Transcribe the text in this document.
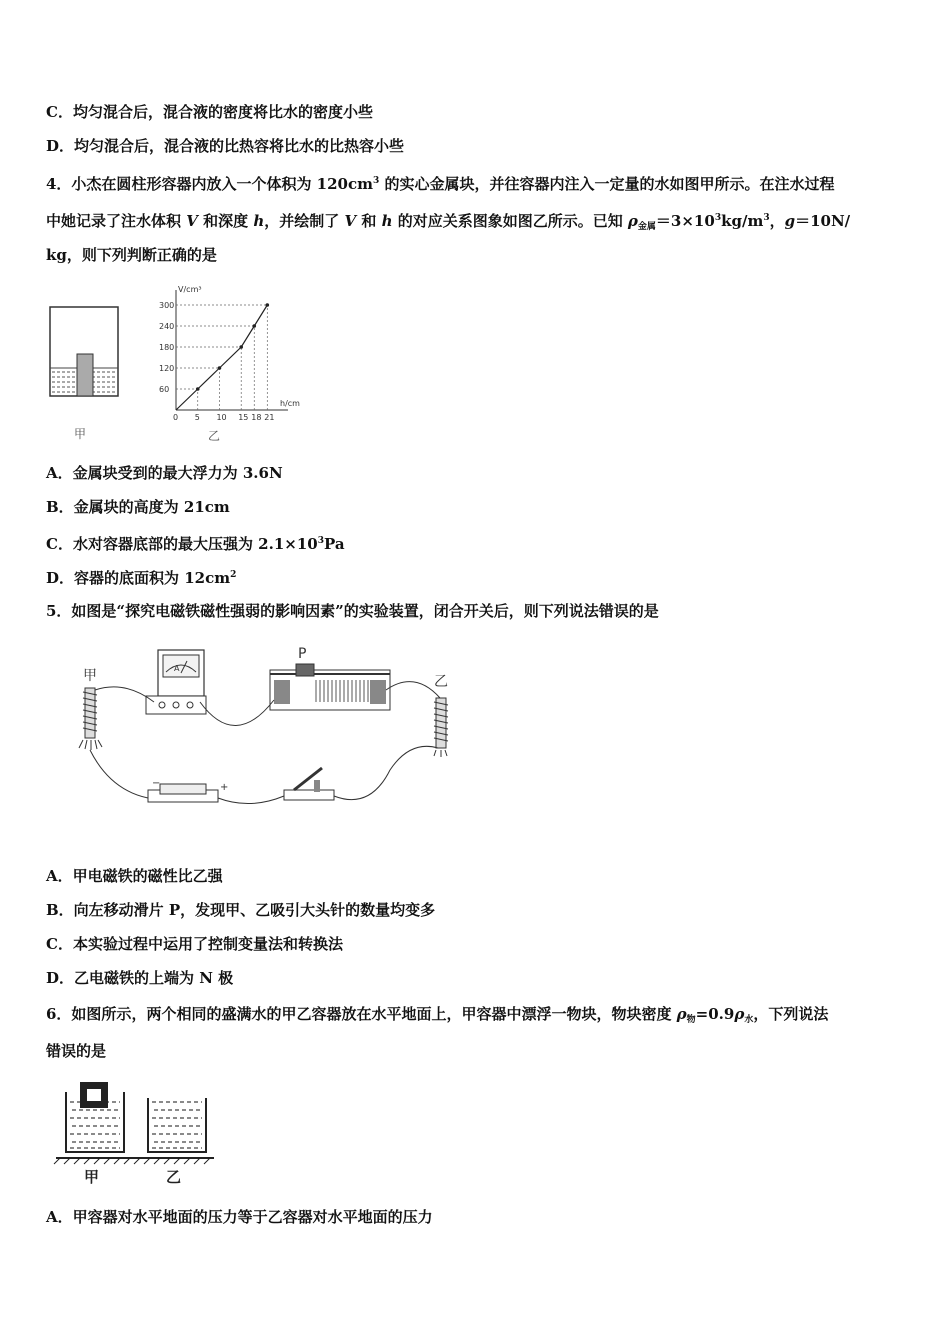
C．均匀混合后，混合液的密度将比水的密度小些
D．均匀混合后，混合液的比热容将比水的比热容小些
4．小杰在圆柱形容器内放入一个体积为 $120cm^3$ 的实心金属块，并往容器内注入一定量的水如图甲所示。在注水过程
中她记录了注水体积 V 和深度 h，并绘制了 V 和 h 的对应关系图象如图乙所示。已知 $\rho_{金属}=3\times 10^3kg/m^3$，g＝10N/
kg，则下列判断正确的是
甲
V/cm³
h/cm
0 5 10 15 18 21
60
120
180
240
300
乙
A．金属块受到的最大浮力为 3.6N
B．金属块的高度为 21cm
C．水对容器底部的最大压强为 $2.1\times 10^3Pa$
D．容器的底面积为 $12cm^2$
5．如图是“探究电磁铁磁性强弱的影响因素”的实验装置，闭合开关后，则下列说法错误的是
甲	A
P
乙
−	+
A．甲电磁铁的磁性比乙强
B．向左移动滑片 P，发现甲、乙吸引大头针的数量均变多
C．本实验过程中运用了控制变量法和转换法
D．乙电磁铁的上端为 N 极
6．如图所示，两个相同的盛满水的甲乙容器放在水平地面上，甲容器中漂浮一物块，物块密度 $\rho_物=0.9\rho_水$，下列说法
错误的是
甲	乙
A．甲容器对水平地面的压力等于乙容器对水平地面的压力
